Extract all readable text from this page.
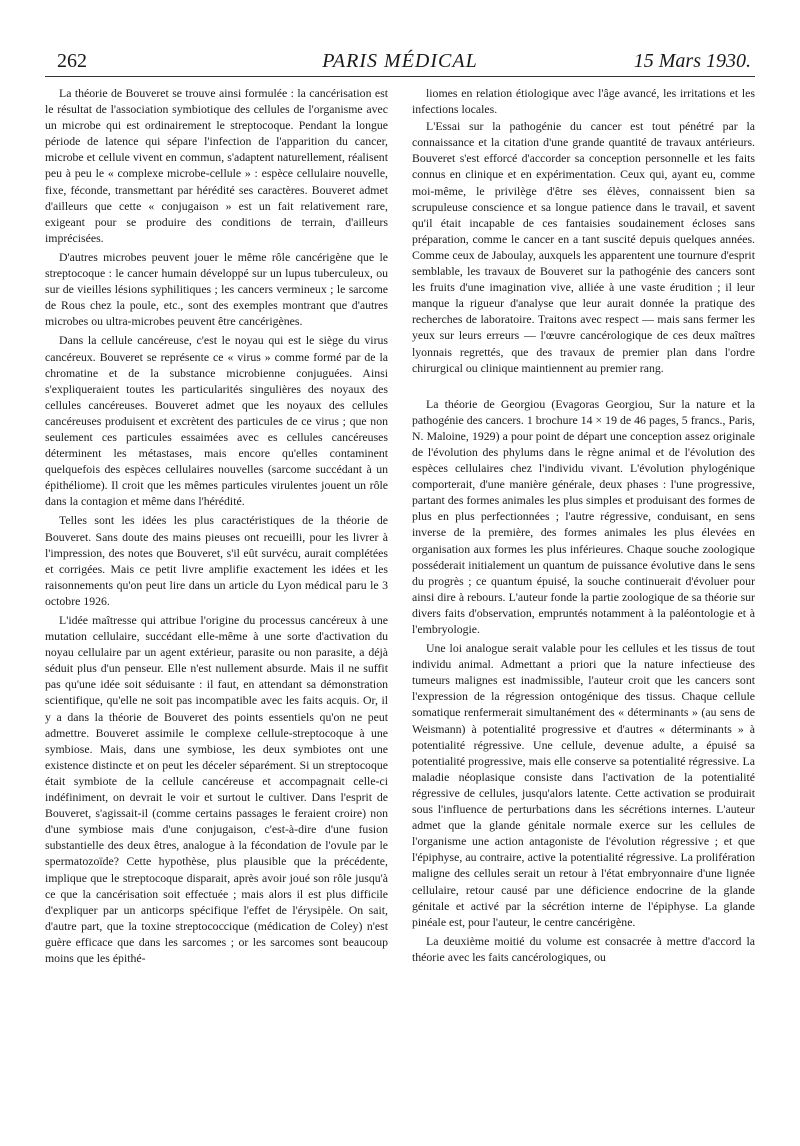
262	PARIS MÉDICAL	15 Mars 1930.

La théorie de Bouveret se trouve ainsi formulée : la cancérisation est le résultat de l'association symbiotique des cellules de l'organisme avec un microbe qui est ordinairement le streptocoque. Pendant la longue période de latence qui sépare l'infection de l'apparition du cancer, microbe et cellule vivent en commun, s'adaptent naturellement, réalisent peu à peu le « complexe microbe-cellule » : espèce cellulaire nouvelle, fixe, féconde, transmettant par hérédité ses caractères. Bouveret admet d'ailleurs que cette « conjugaison » est un fait relativement rare, exigeant pour se produire des conditions de terrain, d'ailleurs imprécisées.

D'autres microbes peuvent jouer le même rôle cancérigène que le streptocoque : le cancer humain développé sur un lupus tuberculeux, ou sur de vieilles lésions syphilitiques ; les cancers vermineux ; le sarcome de Rous chez la poule, etc., sont des exemples montrant que d'autres microbes ou ultra-microbes peuvent être cancérigènes.

Dans la cellule cancéreuse, c'est le noyau qui est le siège du virus cancéreux. Bouveret se représente ce « virus » comme formé par de la chromatine et de la substance microbienne conjuguées. Ainsi s'expliqueraient toutes les particularités singulières des noyaux des cellules cancéreuses. Bouveret admet que les noyaux des cellules cancéreuses produisent et excrètent des particules de ce virus ; que non seulement ces particules essaimées avec es cellules cancéreuses déterminent les métastases, mais encore qu'elles contaminent quelquefois des espèces cellulaires nouvelles (sarcome succédant à un épithéliome). Il croit que les mêmes particules virulentes jouent un rôle dans la contagion et même dans l'hérédité.

Telles sont les idées les plus caractéristiques de la théorie de Bouveret. Sans doute des mains pieuses ont recueilli, pour les livrer à l'impression, des notes que Bouveret, s'il eût survécu, aurait complétées et corrigées. Mais ce petit livre amplifie exactement les idées et les raisonnements qu'on peut lire dans un article du Lyon médical paru le 3 octobre 1926.

L'idée maîtresse qui attribue l'origine du processus cancéreux à une mutation cellulaire, succédant elle-même à une sorte d'activation du noyau cellulaire par un agent extérieur, parasite ou non parasite, a déjà séduit plus d'un penseur. Elle n'est nullement absurde. Mais il ne suffit pas qu'une idée soit séduisante : il faut, en attendant sa démonstration scientifique, qu'elle ne soit pas incompatible avec les faits acquis. Or, il y a dans la théorie de Bouveret des points essentiels qu'on ne peut admettre. Bouveret assimile le complexe cellule-streptocoque à une symbiose. Mais, dans une symbiose, les deux symbiotes ont une existence distincte et on peut les déceler séparément. Si un streptocoque était symbiote de la cellule cancéreuse et accompagnait celle-ci indéfiniment, on devrait le voir et surtout le cultiver. Dans l'esprit de Bouveret, s'agissait-il (comme certains passages le feraient croire) non d'une symbiose mais d'une conjugaison, c'est-à-dire d'une fusion substantielle des deux êtres, analogue à la fécondation de l'ovule par le spermatozoïde? Cette hypothèse, plus plausible que la précédente, implique que le streptocoque disparait, après avoir joué son rôle jusqu'à ce que la cancérisation soit effectuée ; mais alors il est plus difficile d'expliquer par un anticorps spécifique l'effet de l'érysipèle. On sait, d'autre part, que la toxine streptococcique (médication de Coley) n'est guère efficace que dans les sarcomes ; or les sarcomes sont beaucoup moins que les épithé-

liomes en relation étiologique avec l'âge avancé, les irritations et les infections locales.

L'Essai sur la pathogénie du cancer est tout pénétré par la connaissance et la citation d'une grande quantité de travaux antérieurs. Bouveret s'est efforcé d'accorder sa conception personnelle et les faits connus en clinique et en expérimentation. Ceux qui, ayant eu, comme moi-même, le privilège d'être ses élèves, connaissent bien sa scrupuleuse conscience et sa longue patience dans le travail, et savent qu'il était incapable de ces fantaisies soudainement écloses sans préparation, comme le cancer en a tant suscité depuis quelques années. Comme ceux de Jaboulay, auxquels les apparentent une tournure d'esprit semblable, les travaux de Bouveret sur la pathogénie des cancers sont les fruits d'une imagination vive, alliée à une vaste érudition ; il leur manque la rigueur d'analyse que leur aurait donnée la pratique des recherches de laboratoire. Traitons avec respect — mais sans fermer les yeux sur leurs erreurs — l'œuvre cancérologique de ces deux maîtres lyonnais regrettés, que des travaux de premier plan dans l'ordre chirurgical ou clinique maintiennent au premier rang.

La théorie de Georgiou (Evagoras Georgiou, Sur la nature et la pathogénie des cancers. 1 brochure 14 × 19 de 46 pages, 5 francs., Paris, N. Maloine, 1929) a pour point de départ une conception assez originale de l'évolution des phylums dans le règne animal et de l'évolution des espèces cellulaires chez l'individu vivant. L'évolution phylogénique comporterait, d'une manière générale, deux phases : l'une progressive, partant des formes animales les plus simples et produisant des formes de plus en plus perfectionnées ; l'autre régressive, conduisant, en sens inverse de la première, des formes animales les plus élevées en organisation aux formes les plus inférieures. Chaque souche zoologique posséderait initialement un quantum de puissance évolutive dans le sens du progrès ; ce quantum épuisé, la souche continuerait d'évoluer pour ainsi dire à rebours. L'auteur fonde la partie zoologique de sa théorie sur divers faits d'observation, empruntés notamment à la paléontologie et à l'embryologie.

Une loi analogue serait valable pour les cellules et les tissus de tout individu animal. Admettant a priori que la nature infectieuse des tumeurs malignes est inadmissible, l'auteur croit que les cancers sont l'expression de la régression ontogénique des tissus. Chaque cellule somatique renfermerait simultanément des « déterminants » (au sens de Weismann) à potentialité progressive et d'autres « déterminants » à potentialité régressive. Une cellule, devenue adulte, a épuisé sa potentialité progressive, mais elle conserve sa potentialité régressive. La maladie néoplasique consiste dans l'activation de la potentialité régressive de cellules, jusqu'alors latente. Cette activation se produirait sous l'influence de perturbations dans les sécrétions internes. L'auteur admet que la glande génitale normale exerce sur les cellules de l'organisme une action antagoniste de l'évolution régressive ; et que l'épiphyse, au contraire, active la potentialité régressive. La prolifération maligne des cellules serait un retour à l'état embryonnaire d'une lignée cellulaire, retour causé par une déficience endocrine de la glande génitale et activé par la sécrétion interne de l'épiphyse. La glande pinéale est, pour l'auteur, le centre cancérigène.

La deuxième moitié du volume est consacrée à mettre d'accord la théorie avec les faits cancérologiques, ou
